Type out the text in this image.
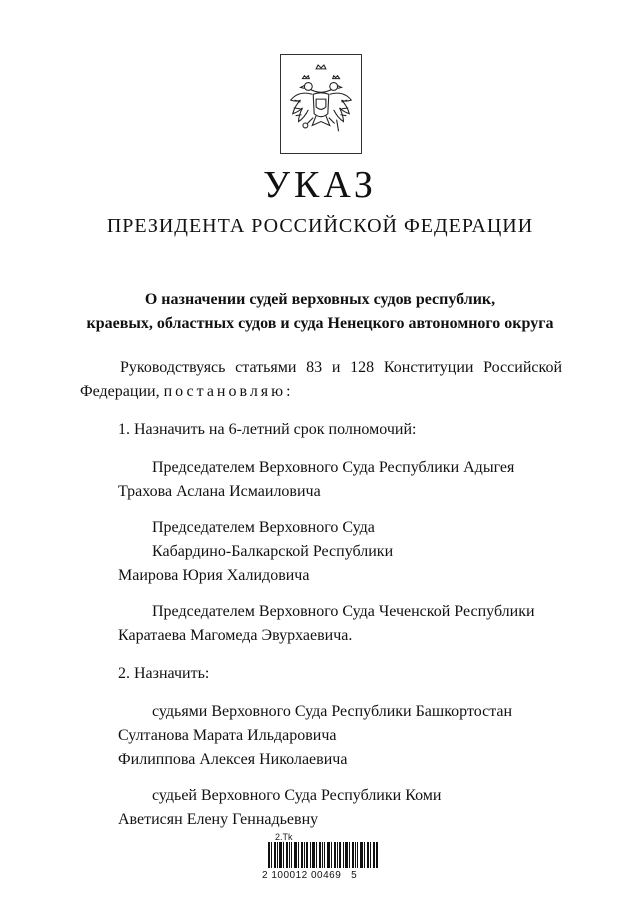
УКАЗ
ПРЕЗИДЕНТА РОССИЙСКОЙ ФЕДЕРАЦИИ
О назначении судей верховных судов республик,
краевых, областных судов и суда Ненецкого автономного округа
Руководствуясь статьями 83 и 128 Конституции Российской
Федерации, постановляю:
1. Назначить на 6-летний срок полномочий:
Председателем Верховного Суда Республики Адыгея
Трахова Аслана Исмаиловича
Председателем Верховного Суда
Кабардино-Балкарской Республики
Маирова Юрия Халидовича
Председателем Верховного Суда Чеченской Республики
Каратаева Магомеда Эвурхаевича.
2. Назначить:
судьями Верховного Суда Республики Башкортостан
Султанова Марата Ильдаровича
Филиппова Алексея Николаевича
судьей Верховного Суда Республики Коми
Аветисян Елену Геннадьевну
2.Тk
2 100012 00469   5
